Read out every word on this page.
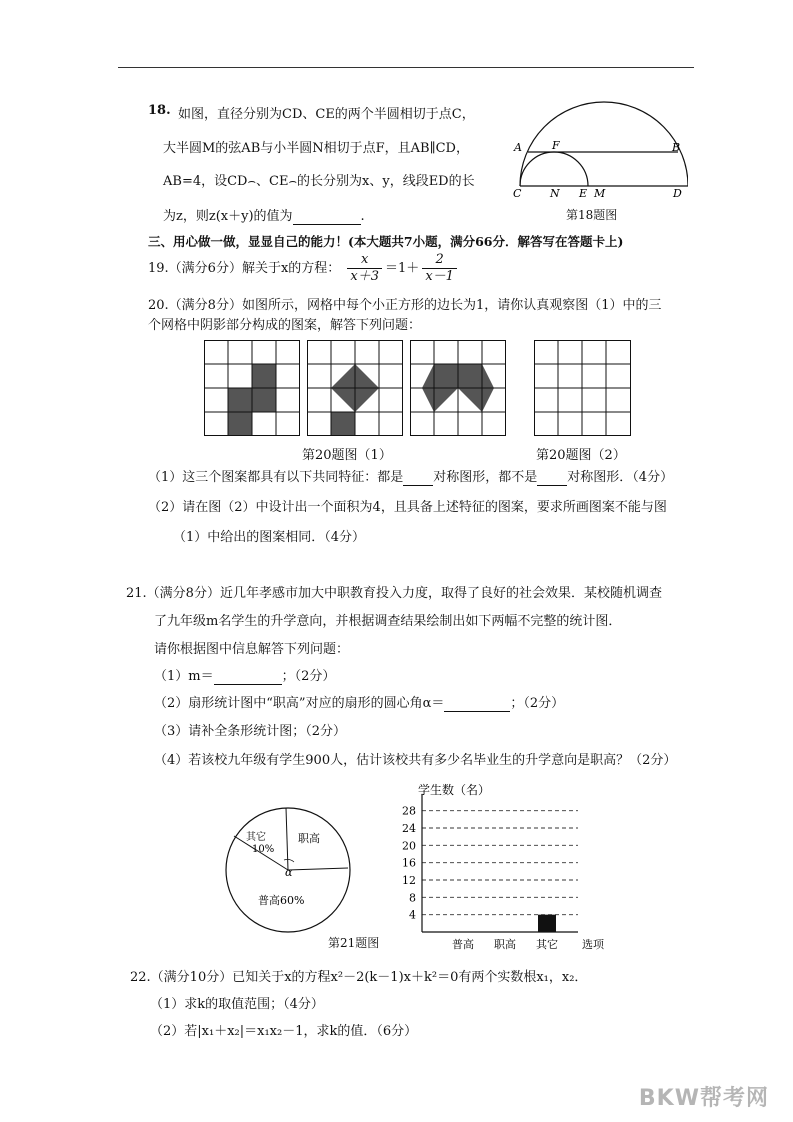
18. 如图，直径分别为CD、CE的两个半圆相切于点C，
大半圆M的弦AB与小半圆N相切于点F，且AB∥CD，
AB=4，设CD⌢、CE⌢的长分别为x、y，线段ED的长
为z，则z(x＋y)的值为	.
A	F	B
C	N E M	D
第18题图
三、用心做一做，显显自己的能力！(本大题共7小题，满分66分．解答写在答题卡上)
19.（满分6分）解关于x的方程： $\frac{x}{x+3} =1+ \frac{2}{x-1}$
20.（满分8分）如图所示，网格中每个小正方形的边长为1，请你认真观察图（1）中的三
个网格中阴影部分构成的图案，解答下列问题：
第20题图（1）	第20题图（2）
（1）这三个图案都具有以下共同特征：都是 对称图形，都不是 对称图形．（4分）
（2）请在图（2）中设计出一个面积为4，且具备上述特征的图案，要求所画图案不能与图
（1）中给出的图案相同．（4分）
21.（满分8分）近几年孝感市加大中职教育投入力度，取得了良好的社会效果．某校随机调查
了九年级m名学生的升学意向，并根据调查结果绘制出如下两幅不完整的统计图．
请你根据图中信息解答下列问题：
（1）m＝	；（2分）
（2）扇形统计图中“职高”对应的扇形的圆心角α＝	；（2分）
（3）请补全条形统计图；（2分）
（4）若该校九年级有学生900人，估计该校共有多少名毕业生的升学意向是职高？（2分）
其它
10%
职高
α
普高60%
第21题图
4
8
12
16
20
24
28
普高 职高 其它
学生数（名）
选项
22.（满分10分）已知关于x的方程x²－2(k－1)x＋k²＝0有两个实数根x₁，x₂．
（1）求k的取值范围；（4分）
（2）若|x₁＋x₂|＝x₁x₂－1，求k的值．（6分）
BKW帮考网
